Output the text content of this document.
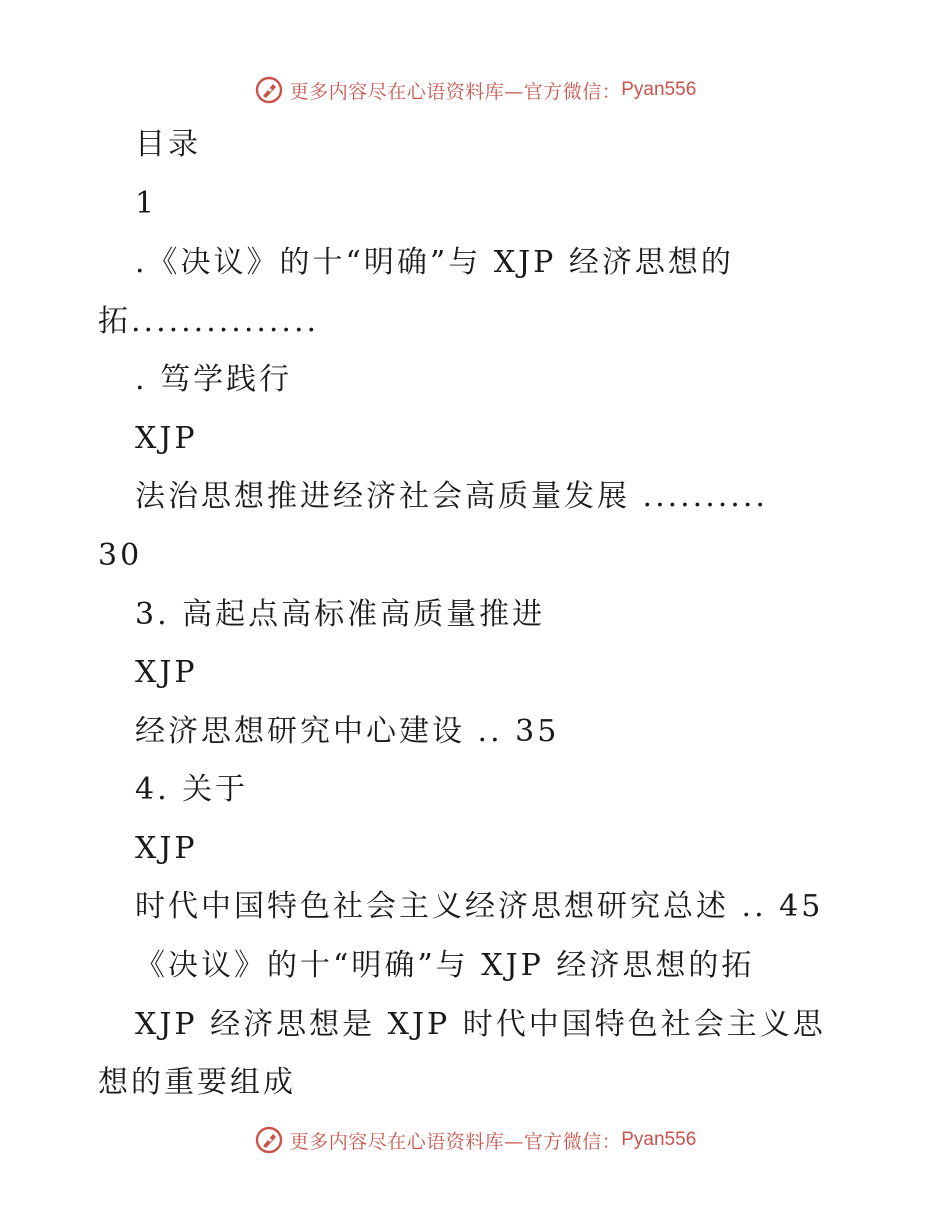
更多内容尽在心语资料库—官方微信： Pyan556

目录

1

.《决议》的十“明确”与 XJP 经济思想的

拓...............

. 笃学践行

XJP

法治思想推进经济社会高质量发展 ..........

30

3. 高起点高标准高质量推进

XJP

经济思想研究中心建设 .. 35

4. 关于

XJP

时代中国特色社会主义经济思想研究总述 .. 45

《决议》的十“明确”与 XJP 经济思想的拓

XJP 经济思想是 XJP 时代中国特色社会主义思

想的重要组成

更多内容尽在心语资料库—官方微信： Pyan556
